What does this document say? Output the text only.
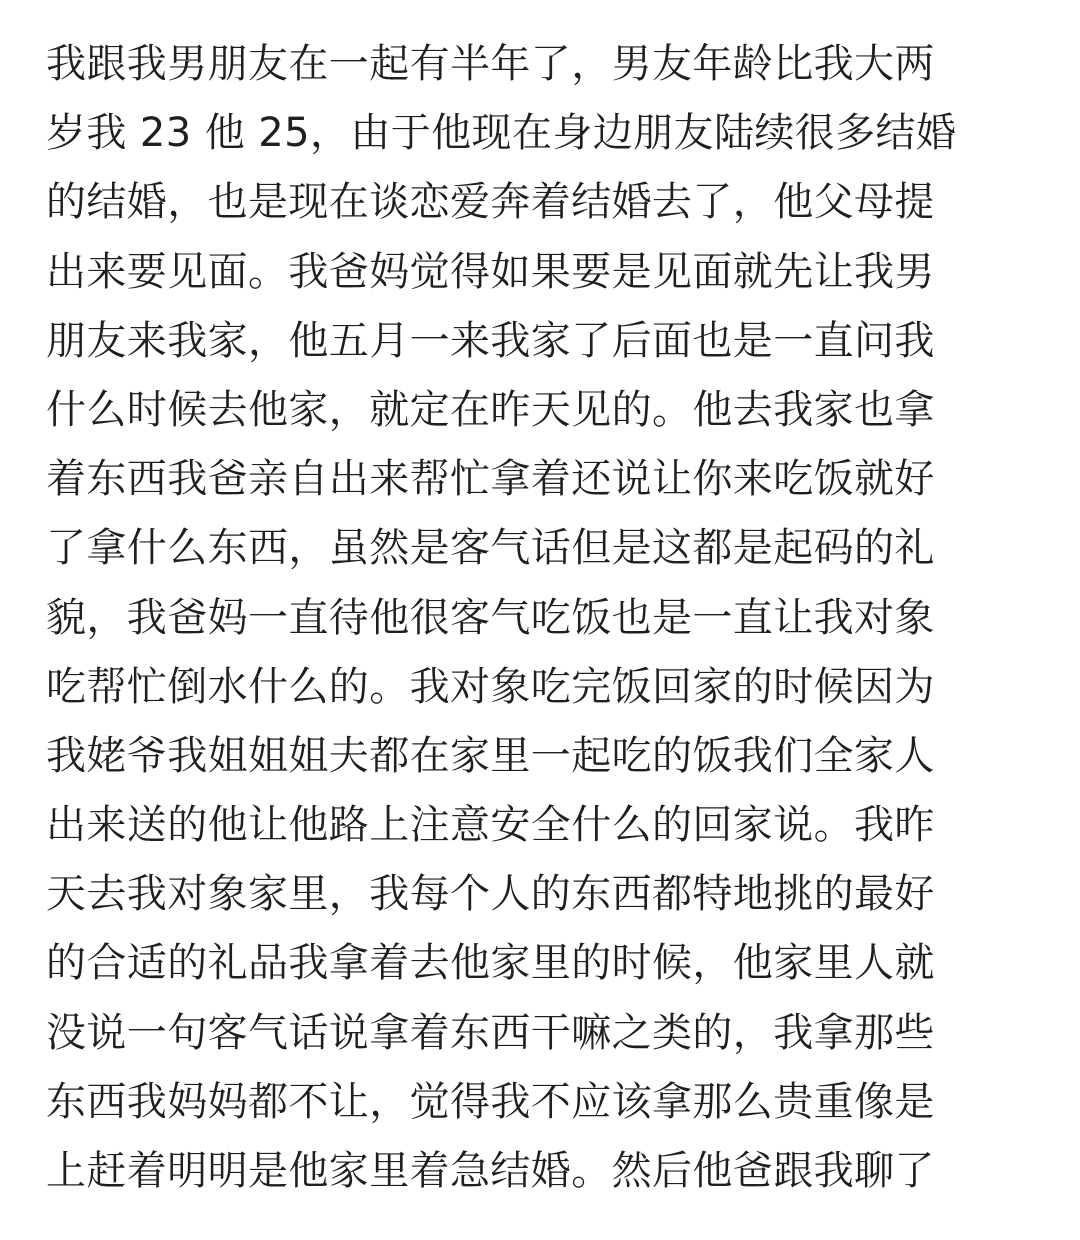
我跟我男朋友在一起有半年了，男友年龄比我大两
岁我 23 他 25，由于他现在身边朋友陆续很多结婚
的结婚，也是现在谈恋爱奔着结婚去了，他父母提
出来要见面。我爸妈觉得如果要是见面就先让我男
朋友来我家，他五月一来我家了后面也是一直问我
什么时候去他家，就定在昨天见的。他去我家也拿
着东西我爸亲自出来帮忙拿着还说让你来吃饭就好
了拿什么东西，虽然是客气话但是这都是起码的礼
貌，我爸妈一直待他很客气吃饭也是一直让我对象
吃帮忙倒水什么的。我对象吃完饭回家的时候因为
我姥爷我姐姐姐夫都在家里一起吃的饭我们全家人
出来送的他让他路上注意安全什么的回家说。我昨
天去我对象家里，我每个人的东西都特地挑的最好
的合适的礼品我拿着去他家里的时候，他家里人就
没说一句客气话说拿着东西干嘛之类的，我拿那些
东西我妈妈都不让，觉得我不应该拿那么贵重像是
上赶着明明是他家里着急结婚。然后他爸跟我聊了
